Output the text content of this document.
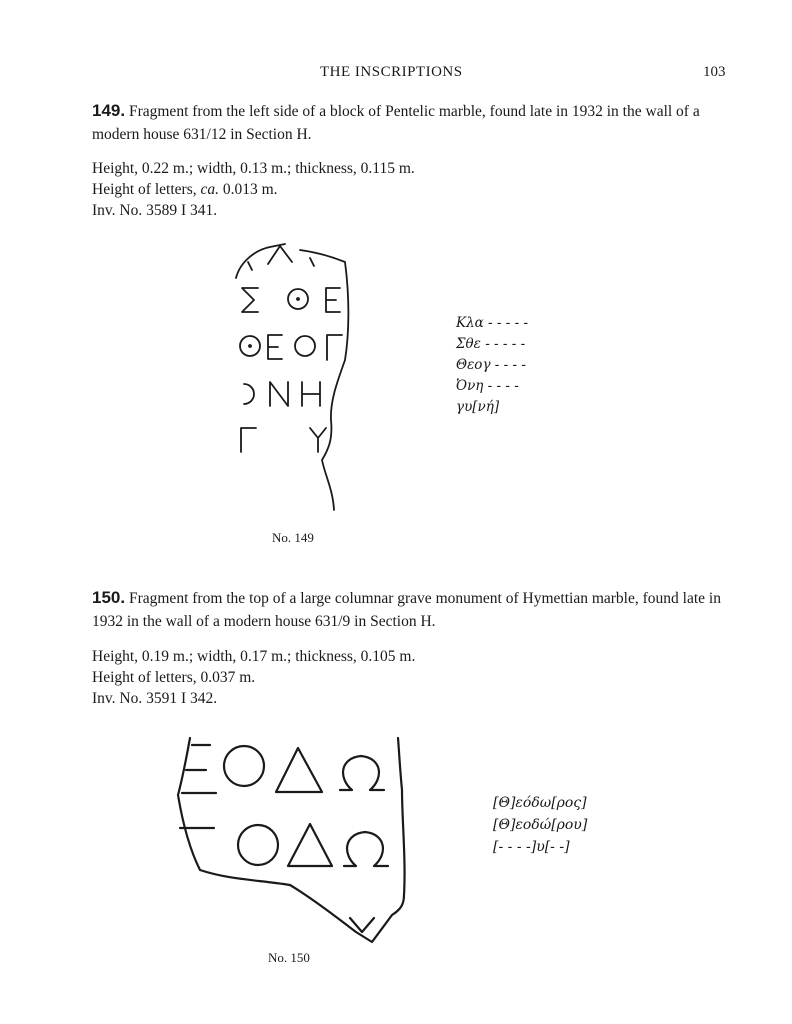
THE INSCRIPTIONS	103
149. Fragment from the left side of a block of Pentelic marble, found late in 1932 in the wall of a modern house 631/12 in Section H.
Height, 0.22 m.; width, 0.13 m.; thickness, 0.115 m.
Height of letters, ca. 0.013 m.
Inv. No. 3589 I 341.
Κλα - - - - -
Σθε - - - - -
Θεογ - - - -
Ὀνη - - - -
γυ[νή]
No. 149
150. Fragment from the top of a large columnar grave monument of Hymettian marble, found late in 1932 in the wall of a modern house 631/9 in Section H.
Height, 0.19 m.; width, 0.17 m.; thickness, 0.105 m.
Height of letters, 0.037 m.
Inv. No. 3591 I 342.
[Θ]εόδω[ρος]
[Θ]εοδώ[ρου]
[- - - -]υ[- -]
No. 150
